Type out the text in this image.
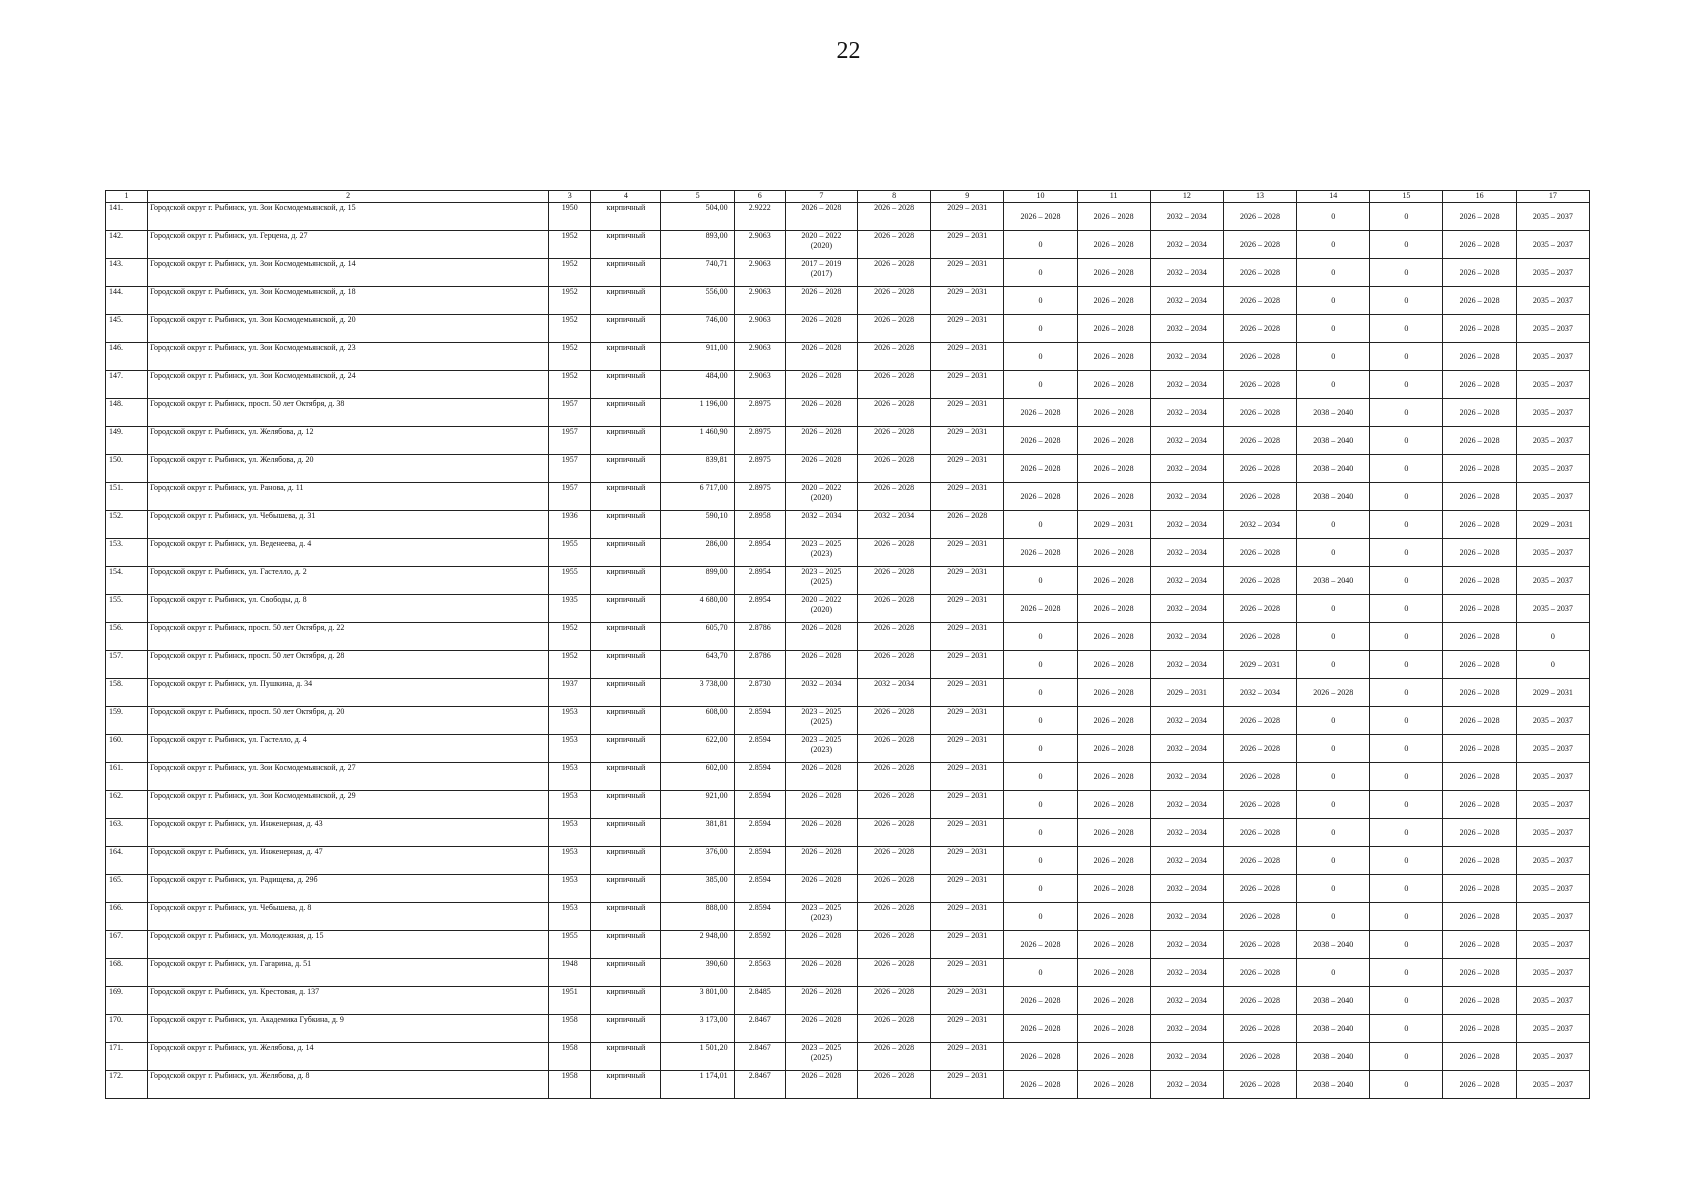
22
1	2	3	4	5	6	7	8	9	10	11	12	13	14	15	16	17
141.	Городской округ г. Рыбинск, ул. Зои Космодемьянской, д. 15	1950	кирпичный	504,00	2.9222	2026 – 2028	2026 – 2028	2029 – 2031	2026 – 2028	2026 – 2028	2032 – 2034	2026 – 2028	0	0	2026 – 2028	2035 – 2037
142.	Городской округ г. Рыбинск, ул. Герцена, д. 27	1952	кирпичный	893,00	2.9063	2020 – 2022
(2020)	2026 – 2028	2029 – 2031	0	2026 – 2028	2032 – 2034	2026 – 2028	0	0	2026 – 2028	2035 – 2037
143.	Городской округ г. Рыбинск, ул. Зои Космодемьянской, д. 14	1952	кирпичный	740,71	2.9063	2017 – 2019
(2017)	2026 – 2028	2029 – 2031	0	2026 – 2028	2032 – 2034	2026 – 2028	0	0	2026 – 2028	2035 – 2037
144.	Городской округ г. Рыбинск, ул. Зои Космодемьянской, д. 18	1952	кирпичный	556,00	2.9063	2026 – 2028	2026 – 2028	2029 – 2031	0	2026 – 2028	2032 – 2034	2026 – 2028	0	0	2026 – 2028	2035 – 2037
145.	Городской округ г. Рыбинск, ул. Зои Космодемьянской, д. 20	1952	кирпичный	746,00	2.9063	2026 – 2028	2026 – 2028	2029 – 2031	0	2026 – 2028	2032 – 2034	2026 – 2028	0	0	2026 – 2028	2035 – 2037
146.	Городской округ г. Рыбинск, ул. Зои Космодемьянской, д. 23	1952	кирпичный	911,00	2.9063	2026 – 2028	2026 – 2028	2029 – 2031	0	2026 – 2028	2032 – 2034	2026 – 2028	0	0	2026 – 2028	2035 – 2037
147.	Городской округ г. Рыбинск, ул. Зои Космодемьянской, д. 24	1952	кирпичный	484,00	2.9063	2026 – 2028	2026 – 2028	2029 – 2031	0	2026 – 2028	2032 – 2034	2026 – 2028	0	0	2026 – 2028	2035 – 2037
148.	Городской округ г. Рыбинск, просп. 50 лет Октября, д. 38	1957	кирпичный	1 196,00	2.8975	2026 – 2028	2026 – 2028	2029 – 2031	2026 – 2028	2026 – 2028	2032 – 2034	2026 – 2028	2038 – 2040	0	2026 – 2028	2035 – 2037
149.	Городской округ г. Рыбинск, ул. Желябова, д. 12	1957	кирпичный	1 460,90	2.8975	2026 – 2028	2026 – 2028	2029 – 2031	2026 – 2028	2026 – 2028	2032 – 2034	2026 – 2028	2038 – 2040	0	2026 – 2028	2035 – 2037
150.	Городской округ г. Рыбинск, ул. Желябова, д. 20	1957	кирпичный	839,81	2.8975	2026 – 2028	2026 – 2028	2029 – 2031	2026 – 2028	2026 – 2028	2032 – 2034	2026 – 2028	2038 – 2040	0	2026 – 2028	2035 – 2037
151.	Городской округ г. Рыбинск, ул. Ранова, д. 11	1957	кирпичный	6 717,00	2.8975	2020 – 2022
(2020)	2026 – 2028	2029 – 2031	2026 – 2028	2026 – 2028	2032 – 2034	2026 – 2028	2038 – 2040	0	2026 – 2028	2035 – 2037
152.	Городской округ г. Рыбинск, ул. Чебышева, д. 31	1936	кирпичный	590,10	2.8958	2032 – 2034	2032 – 2034	2026 – 2028	0	2029 – 2031	2032 – 2034	2032 – 2034	0	0	2026 – 2028	2029 – 2031
153.	Городской округ г. Рыбинск, ул. Веденеева, д. 4	1955	кирпичный	286,00	2.8954	2023 – 2025
(2023)	2026 – 2028	2029 – 2031	2026 – 2028	2026 – 2028	2032 – 2034	2026 – 2028	0	0	2026 – 2028	2035 – 2037
154.	Городской округ г. Рыбинск, ул. Гастелло, д. 2	1955	кирпичный	899,00	2.8954	2023 – 2025
(2025)	2026 – 2028	2029 – 2031	0	2026 – 2028	2032 – 2034	2026 – 2028	2038 – 2040	0	2026 – 2028	2035 – 2037
155.	Городской округ г. Рыбинск, ул. Свободы, д. 8	1935	кирпичный	4 680,00	2.8954	2020 – 2022
(2020)	2026 – 2028	2029 – 2031	2026 – 2028	2026 – 2028	2032 – 2034	2026 – 2028	0	0	2026 – 2028	2035 – 2037
156.	Городской округ г. Рыбинск, просп. 50 лет Октября, д. 22	1952	кирпичный	605,70	2.8786	2026 – 2028	2026 – 2028	2029 – 2031	0	2026 – 2028	2032 – 2034	2026 – 2028	0	0	2026 – 2028	0
157.	Городской округ г. Рыбинск, просп. 50 лет Октября, д. 28	1952	кирпичный	643,70	2.8786	2026 – 2028	2026 – 2028	2029 – 2031	0	2026 – 2028	2032 – 2034	2029 – 2031	0	0	2026 – 2028	0
158.	Городской округ г. Рыбинск, ул. Пушкина, д. 34	1937	кирпичный	3 738,00	2.8730	2032 – 2034	2032 – 2034	2029 – 2031	0	2026 – 2028	2029 – 2031	2032 – 2034	2026 – 2028	0	2026 – 2028	2029 – 2031
159.	Городской округ г. Рыбинск, просп. 50 лет Октября, д. 20	1953	кирпичный	608,00	2.8594	2023 – 2025
(2025)	2026 – 2028	2029 – 2031	0	2026 – 2028	2032 – 2034	2026 – 2028	0	0	2026 – 2028	2035 – 2037
160.	Городской округ г. Рыбинск, ул. Гастелло, д. 4	1953	кирпичный	622,00	2.8594	2023 – 2025
(2023)	2026 – 2028	2029 – 2031	0	2026 – 2028	2032 – 2034	2026 – 2028	0	0	2026 – 2028	2035 – 2037
161.	Городской округ г. Рыбинск, ул. Зои Космодемьянской, д. 27	1953	кирпичный	602,00	2.8594	2026 – 2028	2026 – 2028	2029 – 2031	0	2026 – 2028	2032 – 2034	2026 – 2028	0	0	2026 – 2028	2035 – 2037
162.	Городской округ г. Рыбинск, ул. Зои Космодемьянской, д. 29	1953	кирпичный	921,00	2.8594	2026 – 2028	2026 – 2028	2029 – 2031	0	2026 – 2028	2032 – 2034	2026 – 2028	0	0	2026 – 2028	2035 – 2037
163.	Городской округ г. Рыбинск, ул. Инженерная, д. 43	1953	кирпичный	381,81	2.8594	2026 – 2028	2026 – 2028	2029 – 2031	0	2026 – 2028	2032 – 2034	2026 – 2028	0	0	2026 – 2028	2035 – 2037
164.	Городской округ г. Рыбинск, ул. Инженерная, д. 47	1953	кирпичный	376,00	2.8594	2026 – 2028	2026 – 2028	2029 – 2031	0	2026 – 2028	2032 – 2034	2026 – 2028	0	0	2026 – 2028	2035 – 2037
165.	Городской округ г. Рыбинск, ул. Радищева, д. 29б	1953	кирпичный	385,00	2.8594	2026 – 2028	2026 – 2028	2029 – 2031	0	2026 – 2028	2032 – 2034	2026 – 2028	0	0	2026 – 2028	2035 – 2037
166.	Городской округ г. Рыбинск, ул. Чебышева, д. 8	1953	кирпичный	888,00	2.8594	2023 – 2025
(2023)	2026 – 2028	2029 – 2031	0	2026 – 2028	2032 – 2034	2026 – 2028	0	0	2026 – 2028	2035 – 2037
167.	Городской округ г. Рыбинск, ул. Молодежная, д. 15	1955	кирпичный	2 948,00	2.8592	2026 – 2028	2026 – 2028	2029 – 2031	2026 – 2028	2026 – 2028	2032 – 2034	2026 – 2028	2038 – 2040	0	2026 – 2028	2035 – 2037
168.	Городской округ г. Рыбинск, ул. Гагарина, д. 51	1948	кирпичный	390,60	2.8563	2026 – 2028	2026 – 2028	2029 – 2031	0	2026 – 2028	2032 – 2034	2026 – 2028	0	0	2026 – 2028	2035 – 2037
169.	Городской округ г. Рыбинск, ул. Крестовая, д. 137	1951	кирпичный	3 801,00	2.8485	2026 – 2028	2026 – 2028	2029 – 2031	2026 – 2028	2026 – 2028	2032 – 2034	2026 – 2028	2038 – 2040	0	2026 – 2028	2035 – 2037
170.	Городской округ г. Рыбинск, ул. Академика Губкина, д. 9	1958	кирпичный	3 173,00	2.8467	2026 – 2028	2026 – 2028	2029 – 2031	2026 – 2028	2026 – 2028	2032 – 2034	2026 – 2028	2038 – 2040	0	2026 – 2028	2035 – 2037
171.	Городской округ г. Рыбинск, ул. Желябова, д. 14	1958	кирпичный	1 501,20	2.8467	2023 – 2025
(2025)	2026 – 2028	2029 – 2031	2026 – 2028	2026 – 2028	2032 – 2034	2026 – 2028	2038 – 2040	0	2026 – 2028	2035 – 2037
172.	Городской округ г. Рыбинск, ул. Желябова, д. 8	1958	кирпичный	1 174,01	2.8467	2026 – 2028	2026 – 2028	2029 – 2031	2026 – 2028	2026 – 2028	2032 – 2034	2026 – 2028	2038 – 2040	0	2026 – 2028	2035 – 2037
